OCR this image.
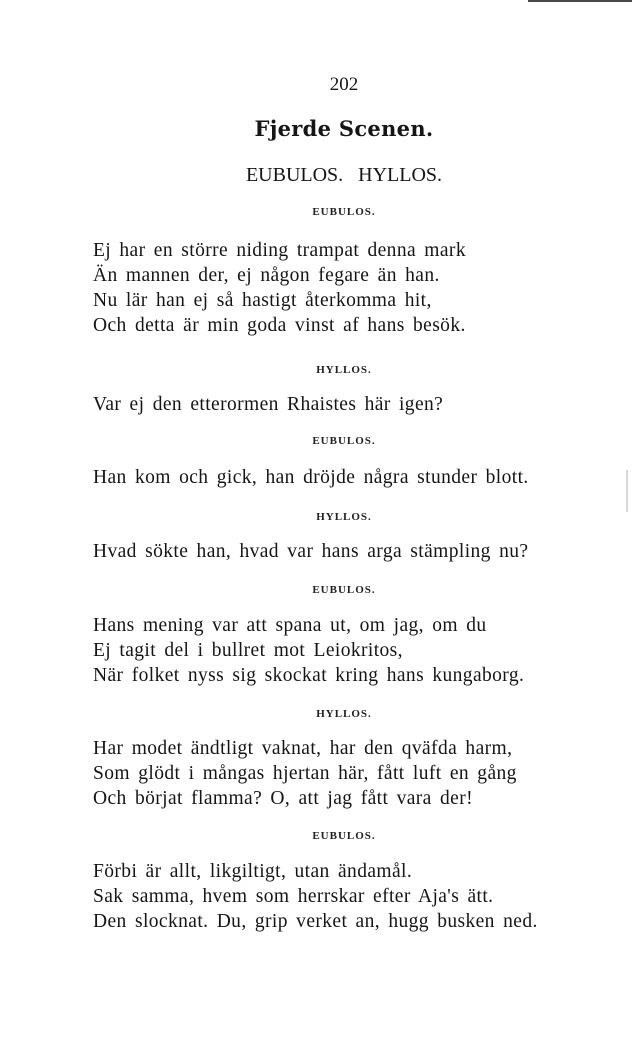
202
Fjerde Scenen.
EUBULOS. HYLLOS.
EUBULOS.
Ej har en större niding trampat denna mark
Än mannen der, ej någon fegare än han.
Nu lär han ej så hastigt återkomma hit,
Och detta är min goda vinst af hans besök.
HYLLOS.
Var ej den etterormen Rhaistes här igen?
EUBULOS.
Han kom och gick, han dröjde några stunder blott.
HYLLOS.
Hvad sökte han, hvad var hans arga stämpling nu?
EUBULOS.
Hans mening var att spana ut, om jag, om du
Ej tagit del i bullret mot Leiokritos,
När folket nyss sig skockat kring hans kungaborg.
HYLLOS.
Har modet ändtligt vaknat, har den qväfda harm,
Som glödt i mångas hjertan här, fått luft en gång
Och börjat flamma? O, att jag fått vara der!
EUBULOS.
Förbi är allt, likgiltigt, utan ändamål.
Sak samma, hvem som herrskar efter Aja's ätt.
Den slocknat. Du, grip verket an, hugg busken ned.
